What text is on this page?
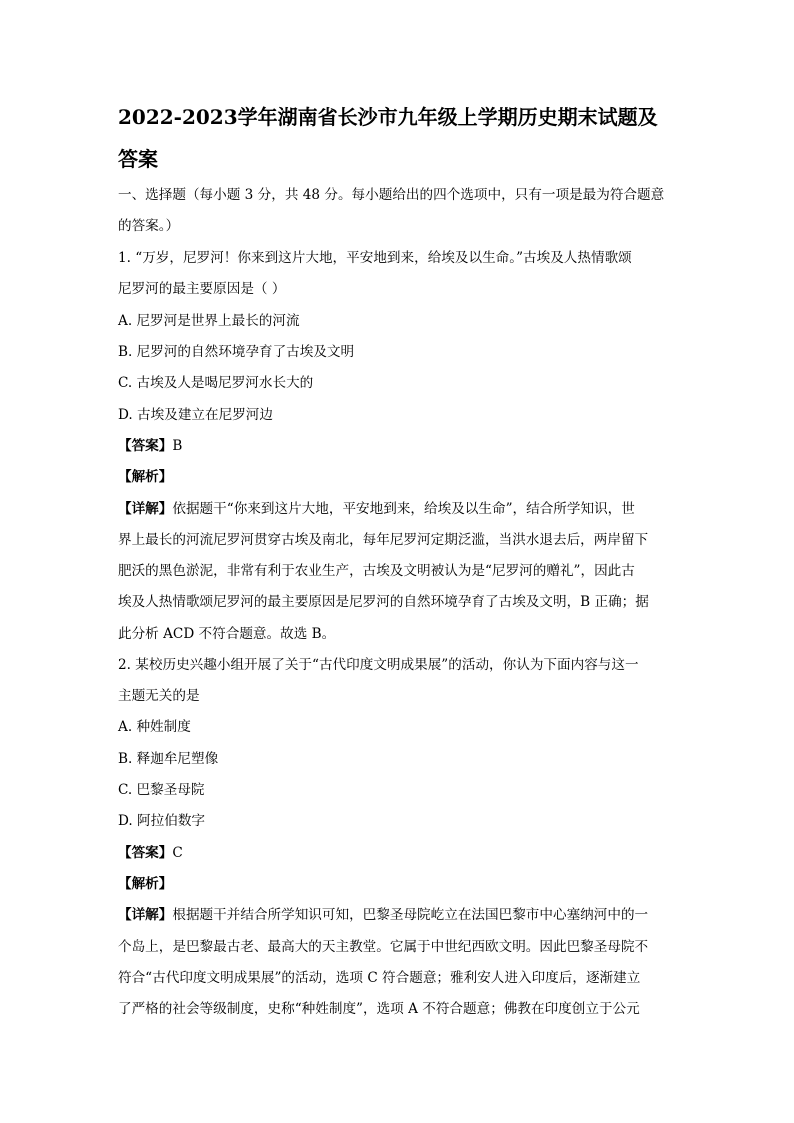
2022-2023学年湖南省长沙市九年级上学期历史期末试题及
答案
一、选择题（每小题 3 分，共 48 分。每小题给出的四个选项中，只有一项是最为符合题意
的答案。）
1. “万岁，尼罗河！你来到这片大地，平安地到来，给埃及以生命。”古埃及人热情歌颂
尼罗河的最主要原因是（ ）
A. 尼罗河是世界上最长的河流
B. 尼罗河的自然环境孕育了古埃及文明
C. 古埃及人是喝尼罗河水长大的
D. 古埃及建立在尼罗河边
【答案】B
【解析】
【详解】依据题干“你来到这片大地，平安地到来，给埃及以生命”，结合所学知识，世
界上最长的河流尼罗河贯穿古埃及南北，每年尼罗河定期泛滥，当洪水退去后，两岸留下
肥沃的黑色淤泥，非常有利于农业生产，古埃及文明被认为是“尼罗河的赠礼”，因此古
埃及人热情歌颂尼罗河的最主要原因是尼罗河的自然环境孕育了古埃及文明，B 正确；据
此分析 ACD 不符合题意。故选 B。
2. 某校历史兴趣小组开展了关于“古代印度文明成果展”的活动，你认为下面内容与这一
主题无关的是
A. 种姓制度
B. 释迦牟尼塑像
C. 巴黎圣母院
D. 阿拉伯数字
【答案】C
【解析】
【详解】根据题干并结合所学知识可知，巴黎圣母院屹立在法国巴黎市中心塞纳河中的一
个岛上，是巴黎最古老、最高大的天主教堂。它属于中世纪西欧文明。因此巴黎圣母院不
符合“古代印度文明成果展”的活动，选项 C 符合题意；雅利安人进入印度后，逐渐建立
了严格的社会等级制度，史称“种姓制度”，选项 A 不符合题意；佛教在印度创立于公元
